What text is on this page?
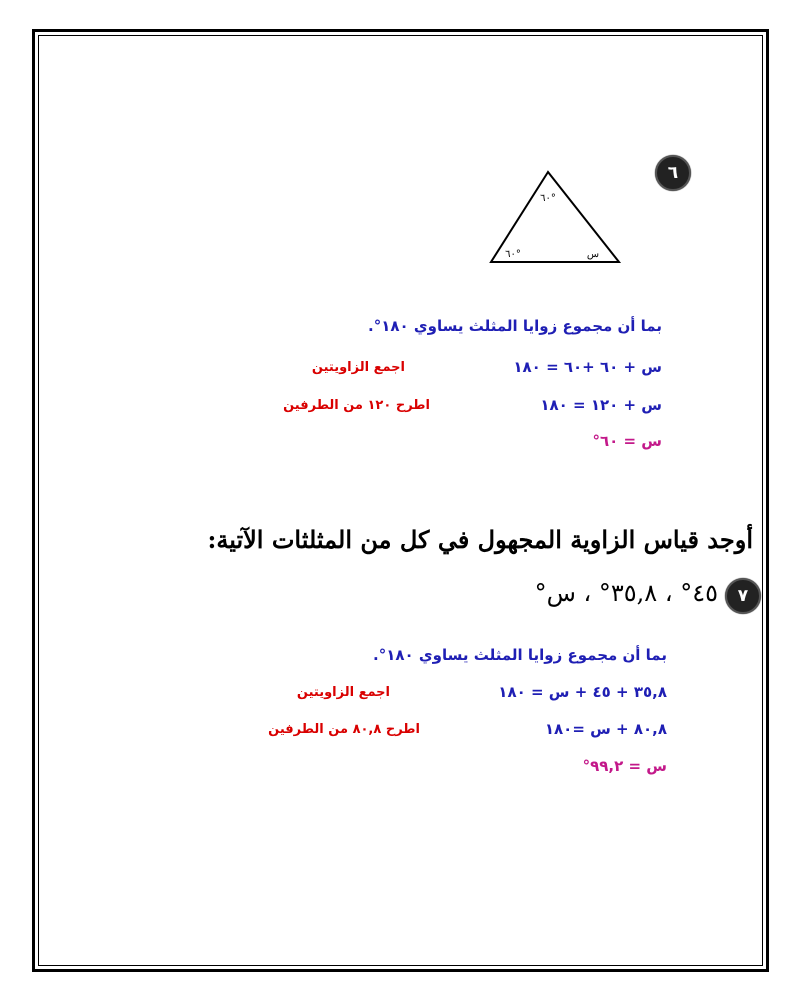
٦
٦٠°
٦٠°	س
بما أن مجموع زوايا المثلث يساوي ١٨٠°.
س + ٦٠ +٦٠ = ١٨٠
اجمع الزاويتين
س + ١٢٠ = ١٨٠
اطرح ١٢٠ من الطرفين
س = ٦٠°
أوجد قياس الزاوية المجهول في كل من المثلثات الآتية:
٧
٤٥° ، ٣٥,٨° ، س°
بما أن مجموع زوايا المثلث يساوي ١٨٠°.
٣٥,٨ + ٤٥ + س = ١٨٠
اجمع الزاويتين
٨٠,٨ + س =١٨٠
اطرح ٨٠,٨ من الطرفين
س = ٩٩,٢°
